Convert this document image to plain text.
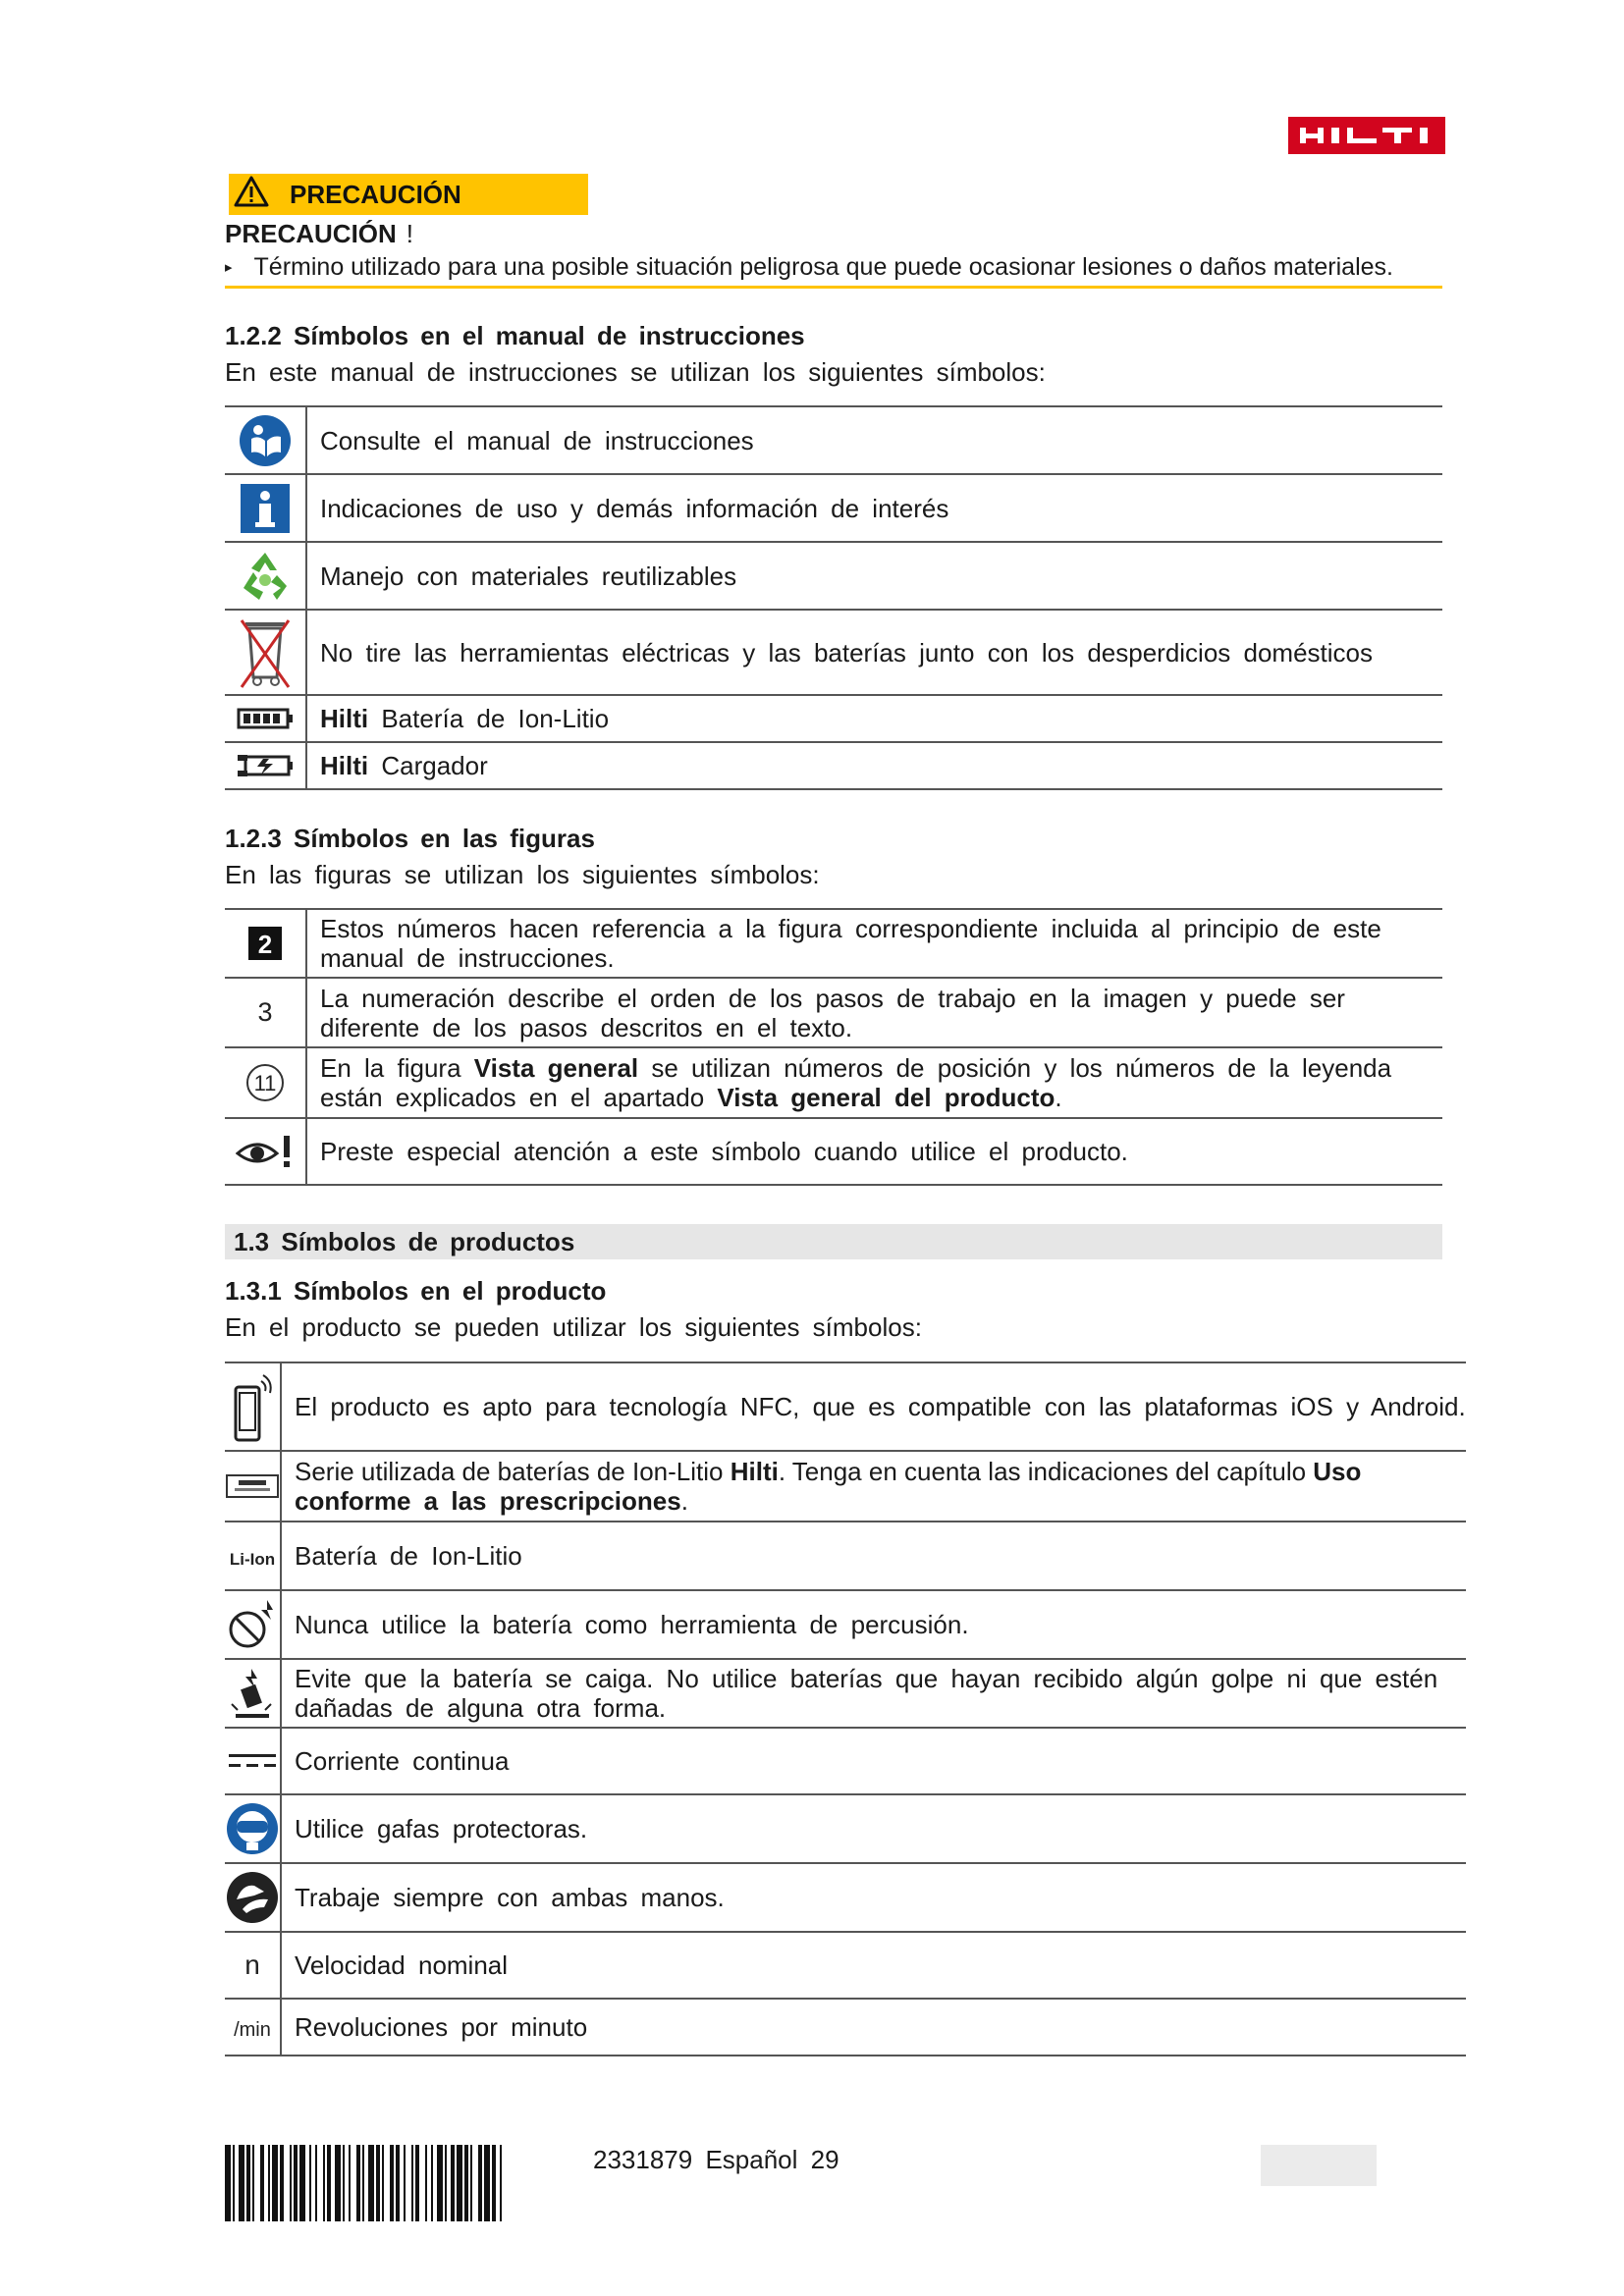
PRECAUCIÓN
PRECAUCIÓN !
▸ Término utilizado para una posible situación peligrosa que puede ocasionar lesiones o daños materiales.
1.2.2 Símbolos en el manual de instrucciones
En este manual de instrucciones se utilizan los siguientes símbolos:
	Consulte el manual de instrucciones

	Indicaciones de uso y demás información de interés

	Manejo con materiales reutilizables

	No tire las herramientas eléctricas y las baterías junto con los desperdicios domésticos

	Hilti Batería de Ion-Litio

	Hilti Cargador
1.2.3 Símbolos en las figuras
En las figuras se utilizan los siguientes símbolos:
2	Estos números hacen referencia a la figura correspondiente incluida al principio de este manual de instrucciones.
3	La numeración describe el orden de los pasos de trabajo en la imagen y puede ser diferente de los pasos descritos en el texto.

11	En la figura Vista general se utilizan números de posición y los números de la leyenda están explicados en el apartado Vista general del producto.

	Preste especial atención a este símbolo cuando utilice el producto.
1.3 Símbolos de productos
1.3.1 Símbolos en el producto
En el producto se pueden utilizar los siguientes símbolos:
	El producto es apto para tecnología NFC, que es compatible con las plataformas iOS y Android.

	Serie utilizada de baterías de Ion-Litio Hilti. Tenga en cuenta las indicaciones del capítulo Uso conforme a las prescripciones.
Li-Ion	Batería de Ion-Litio

	Nunca utilice la batería como herramienta de percusión.

	Evite que la batería se caiga. No utilice baterías que hayan recibido algún golpe ni que estén dañadas de alguna otra forma.

	Corriente continua

	Utilice gafas protectoras.

	Trabaje siempre con ambas manos.
n	Velocidad nominal
/min	Revoluciones por minuto
2331879 Español 29
